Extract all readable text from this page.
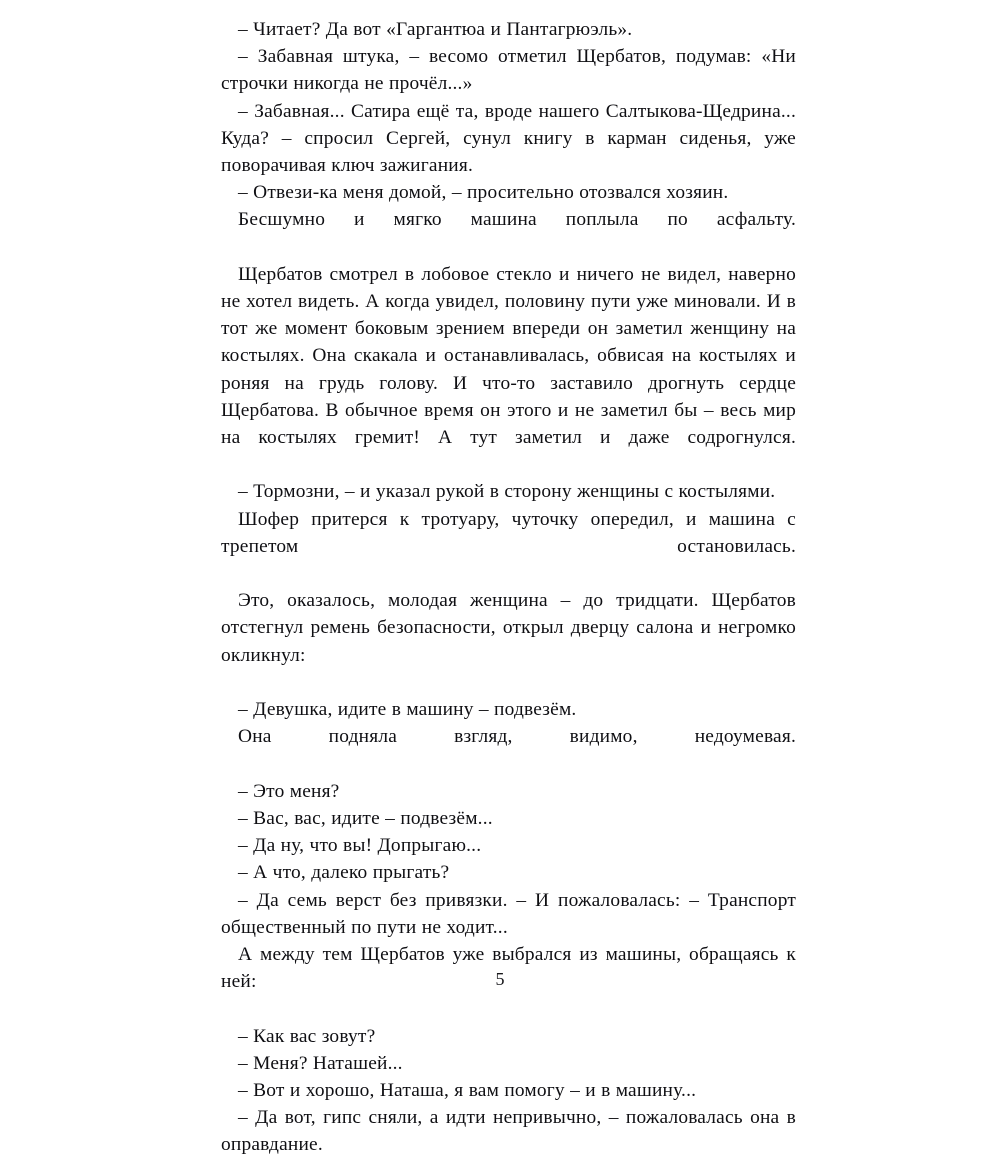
– Читает? Да вот «Гаргантюа и Пантагрюэль».

– Забавная штука, – весомо отметил Щербатов, подумав: «Ни строчки никогда не прочёл...»

– Забавная... Сатира ещё та, вроде нашего Салтыкова-Щедрина... Куда? – спросил Сергей, сунул книгу в карман сиденья, уже поворачивая ключ зажигания.

– Отвези-ка меня домой, – просительно отозвался хозяин.

Бесшумно и мягко машина поплыла по асфальту.

Щербатов смотрел в лобовое стекло и ничего не видел, наверно не хотел видеть. А когда увидел, половину пути уже миновали. И в тот же момент боковым зрением впереди он заметил женщину на костылях. Она скакала и останавливалась, обвисая на костылях и роняя на грудь голову. И что-то заставило дрогнуть сердце Щербатова. В обычное время он этого и не заметил бы – весь мир на костылях гремит! А тут заметил и даже содрогнулся.

– Тормозни, – и указал рукой в сторону женщины с костылями.

Шофер притерся к тротуару, чуточку опередил, и машина с трепетом остановилась.

Это, оказалось, молодая женщина – до тридцати. Щербатов отстегнул ремень безопасности, открыл дверцу салона и негромко окликнул:

– Девушка, идите в машину – подвезём.

Она подняла взгляд, видимо, недоумевая.

– Это меня?

– Вас, вас, идите – подвезём...

– Да ну, что вы! Допрыгаю...

– А что, далеко прыгать?

– Да семь верст без привязки. – И пожаловалась: – Транспорт общественный по пути не ходит...

А между тем Щербатов уже выбрался из машины, обращаясь к ней:

– Как вас зовут?

– Меня? Наташей...

– Вот и хорошо, Наташа, я вам помогу – и в машину...

– Да вот, гипс сняли, а идти непривычно, – пожаловалась она в оправдание.

5
